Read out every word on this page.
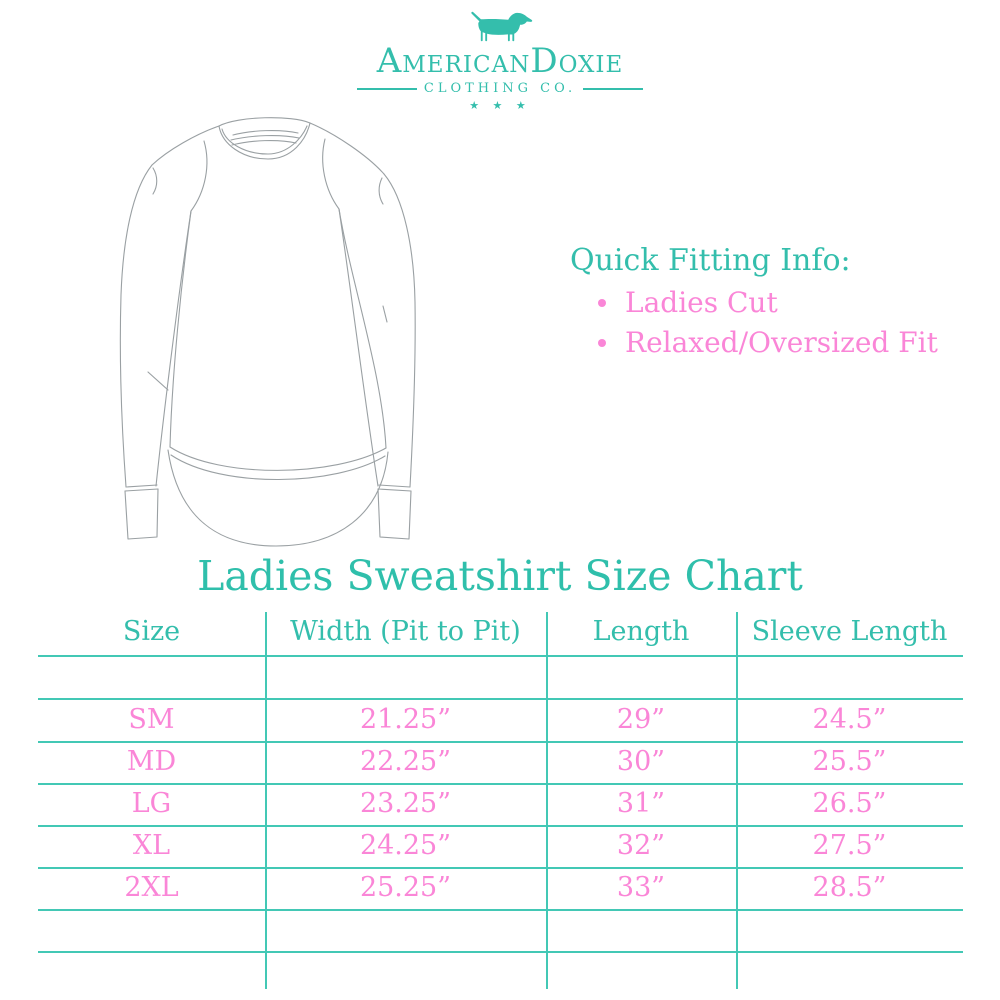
AMERICANDOXIE
CLOTHING CO.
★ ★ ★
Quick Fitting Info:
Ladies Cut
Relaxed/Oversized Fit
Ladies Sweatshirt Size Chart
Size	Width (Pit to Pit)	Length	Sleeve Length
SM	21.25”	29”	24.5”
MD	22.25”	30”	25.5”
LG	23.25”	31”	26.5”
XL	24.25”	32”	27.5”
2XL	25.25”	33”	28.5”
